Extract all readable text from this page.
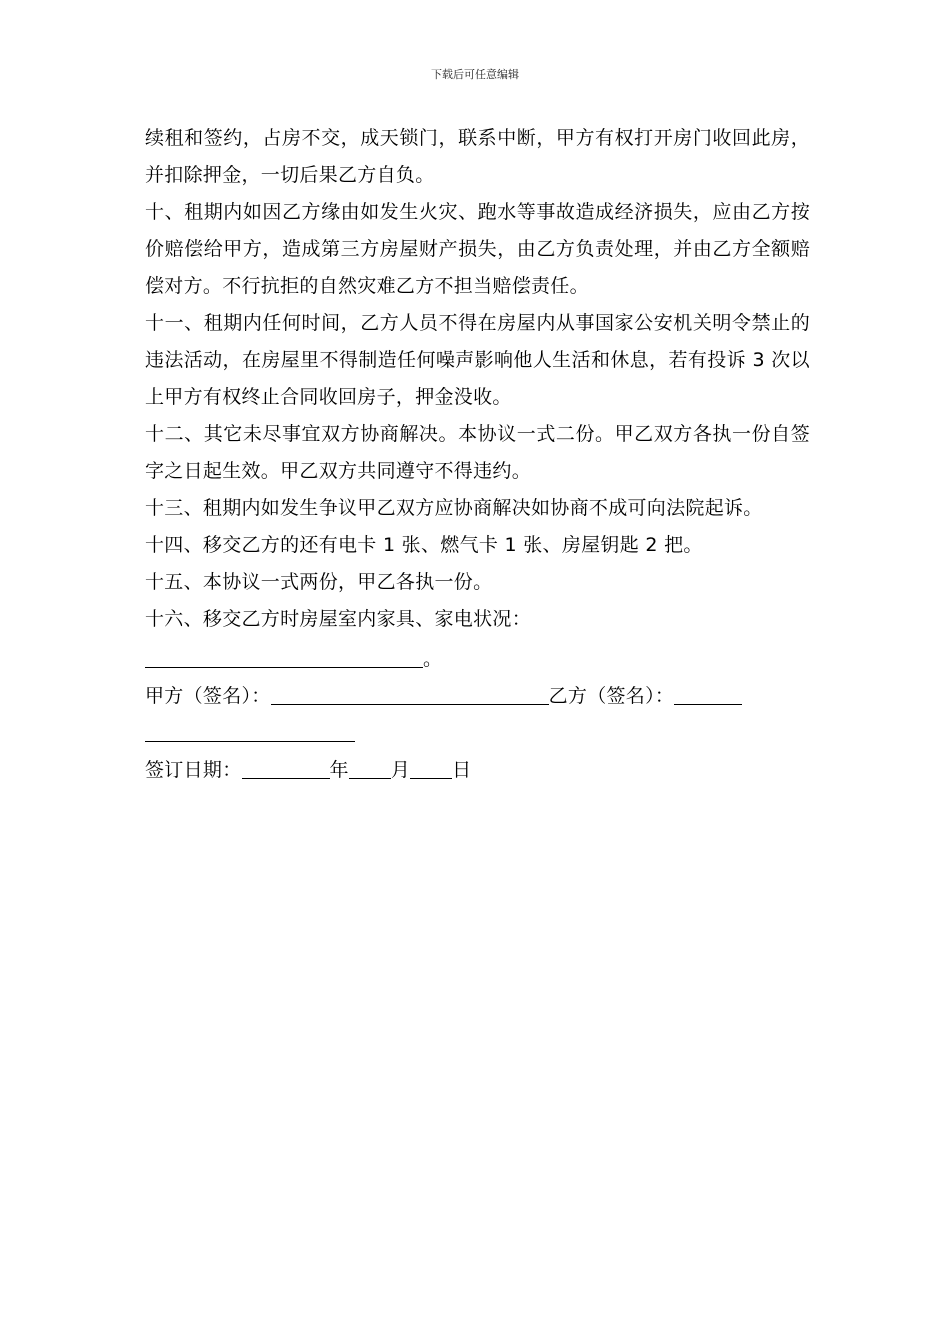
下载后可任意编辑

续租和签约，占房不交，成天锁门，联系中断，甲方有权打开房门收回此房，并扣除押金，一切后果乙方自负。

十、租期内如因乙方缘由如发生火灾、跑水等事故造成经济损失，应由乙方按价赔偿给甲方，造成第三方房屋财产损失，由乙方负责处理，并由乙方全额赔偿对方。不行抗拒的自然灾难乙方不担当赔偿责任。

十一、租期内任何时间，乙方人员不得在房屋内从事国家公安机关明令禁止的违法活动，在房屋里不得制造任何噪声影响他人生活和休息，若有投诉 3 次以上甲方有权终止合同收回房子，押金没收。

十二、其它未尽事宜双方协商解决。本协议一式二份。甲乙双方各执一份自签字之日起生效。甲乙双方共同遵守不得违约。

十三、租期内如发生争议甲乙双方应协商解决如协商不成可向法院起诉。

十四、移交乙方的还有电卡 1 张、燃气卡 1 张、房屋钥匙 2 把。

十五、本协议一式两份，甲乙各执一份。

十六、移交乙方时房屋室内家具、家电状况：

。
甲方（签名）：	乙方（签名）：
签订日期：	年 月 日
